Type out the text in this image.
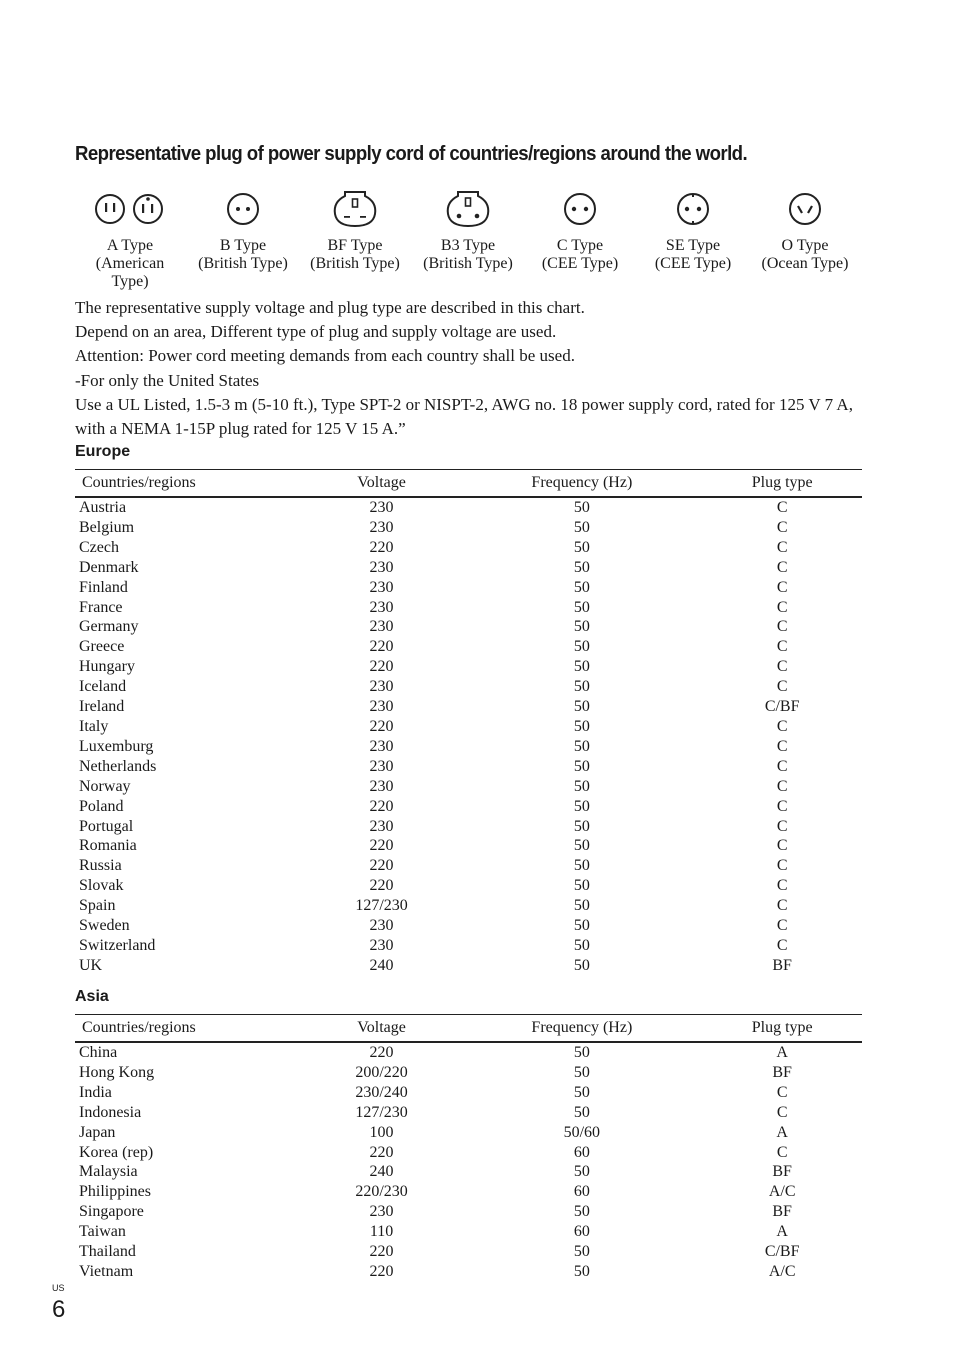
Representative plug of power supply cord of countries/regions around the world.
A Type
(American
Type)
B Type
(British Type)
BF Type
(British Type)
B3 Type
(British Type)
C Type
(CEE Type)
SE Type
(CEE Type)
O Type
(Ocean Type)
The representative supply voltage and plug type are described in this chart.
Depend on an area, Different type of plug and supply voltage are used.
Attention: Power cord meeting demands from each country shall be used.
-For only the United States
Use a UL Listed, 1.5-3 m (5-10 ft.), Type SPT-2 or NISPT-2, AWG no. 18 power supply cord, rated for 125 V 7 A, with a NEMA 1-15P plug rated for 125 V 15 A.”
Europe
Countries/regions	Voltage	Frequency (Hz)	Plug type
Austria	230	50	C
Belgium	230	50	C
Czech	220	50	C
Denmark	230	50	C
Finland	230	50	C
France	230	50	C
Germany	230	50	C
Greece	220	50	C
Hungary	220	50	C
Iceland	230	50	C
Ireland	230	50	C/BF
Italy	220	50	C
Luxemburg	230	50	C
Netherlands	230	50	C
Norway	230	50	C
Poland	220	50	C
Portugal	230	50	C
Romania	220	50	C
Russia	220	50	C
Slovak	220	50	C
Spain	127/230	50	C
Sweden	230	50	C
Switzerland	230	50	C
UK	240	50	BF
Asia
Countries/regions	Voltage	Frequency (Hz)	Plug type
China	220	50	A
Hong Kong	200/220	50	BF
India	230/240	50	C
Indonesia	127/230	50	C
Japan	100	50/60	A
Korea (rep)	220	60	C
Malaysia	240	50	BF
Philippines	220/230	60	A/C
Singapore	230	50	BF
Taiwan	110	60	A
Thailand	220	50	C/BF
Vietnam	220	50	A/C
US
6
